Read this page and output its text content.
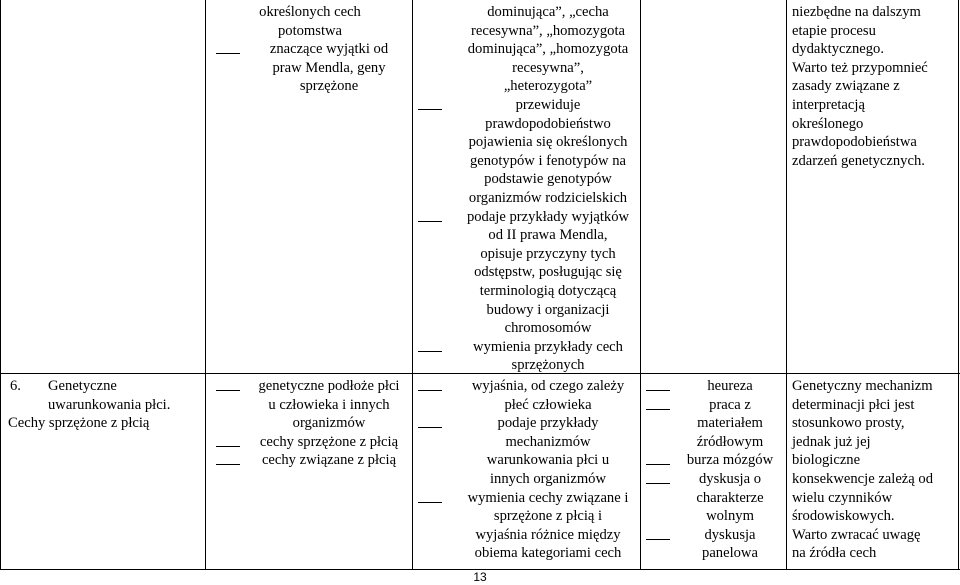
określonych cech

potomstwa

znaczące wyjątki od

praw Mendla, geny

sprzężone

dominująca”, „cecha

recesywna”, „homozygota

dominująca”, „homozygota

recesywna”,

„heterozygota”

przewiduje

prawdopodobieństwo

pojawienia się określonych

genotypów i fenotypów na

podstawie genotypów

organizmów rodzicielskich

podaje przykłady wyjątków

od II prawa Mendla,

opisuje przyczyny tych

odstępstw, posługując się

terminologią dotyczącą

budowy i organizacji

chromosomów

wymienia przykłady cech

sprzężonych

niezbędne na dalszym

etapie procesu

dydaktycznego.

Warto też przypomnieć

zasady związane z

interpretacją

określonego

prawdopodobieństwa

zdarzeń genetycznych.

6.	Genetyczne

uwarunkowania płci.

Cechy sprzężone z płcią

genetyczne podłoże płci

u człowieka i innych

organizmów

cechy sprzężone z płcią

cechy związane z płcią

wyjaśnia, od czego zależy

płeć człowieka

podaje przykłady

mechanizmów

warunkowania płci u

innych organizmów

wymienia cechy związane i

sprzężone z płcią i

wyjaśnia różnice między

obiema kategoriami cech

heureza

praca z

materiałem

źródłowym

burza mózgów

dyskusja o

charakterze

wolnym

dyskusja

panelowa

Genetyczny mechanizm

determinacji płci jest

stosunkowo prosty,

jednak już jej

biologiczne

konsekwencje zależą od

wielu czynników

środowiskowych.

Warto zwracać uwagę

na źródła cech

13
